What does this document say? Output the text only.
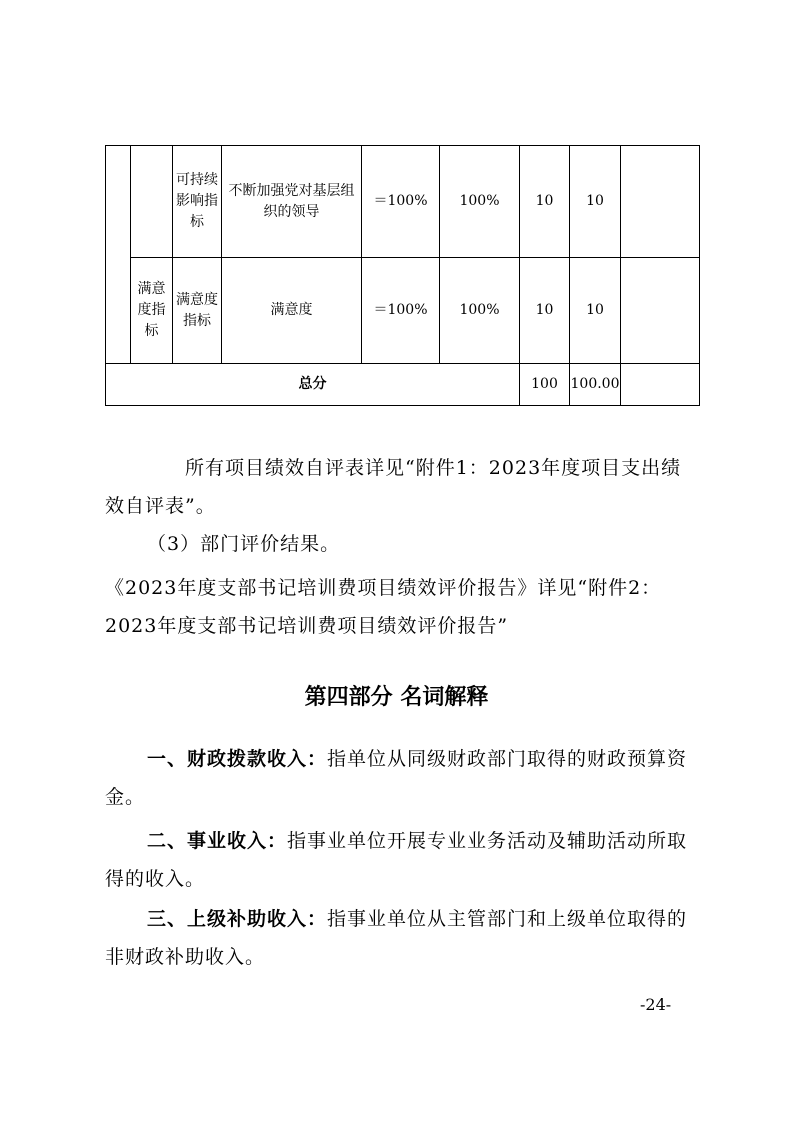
		可持续影响指标	不断加强党对基层组织的领导	＝100%	100%	10	10	
	满意度指标	满意度指标	满意度	＝100%	100%	10	10	
总分						100	100.00	

所有项目绩效自评表详见“附件1：2023年度项目支出绩效自评表”。

（3）部门评价结果。

《2023年度支部书记培训费项目绩效评价报告》详见“附件2：2023年度支部书记培训费项目绩效评价报告”

第四部分 名词解释

一、财政拨款收入：指单位从同级财政部门取得的财政预算资金。

二、事业收入：指事业单位开展专业业务活动及辅助活动所取得的收入。

三、上级补助收入：指事业单位从主管部门和上级单位取得的非财政补助收入。

-24-
